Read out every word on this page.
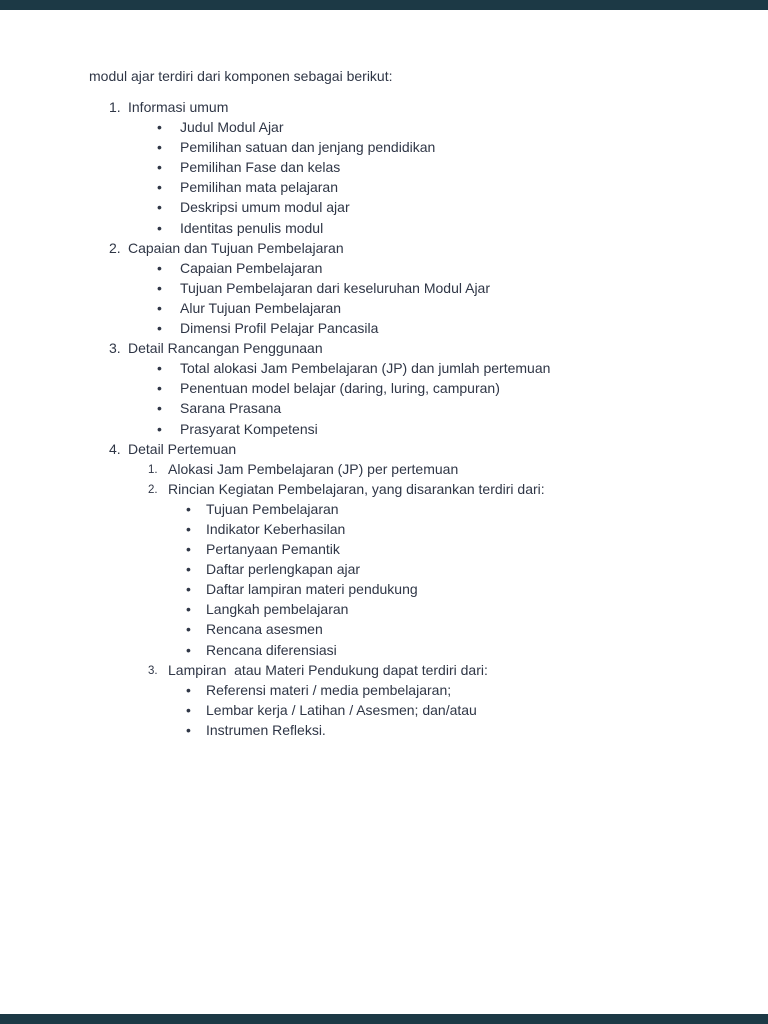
modul ajar terdiri dari komponen sebagai berikut:
1. Informasi umum
• Judul Modul Ajar
• Pemilihan satuan dan jenjang pendidikan
• Pemilihan Fase dan kelas
• Pemilihan mata pelajaran
• Deskripsi umum modul ajar
• Identitas penulis modul
2. Capaian dan Tujuan Pembelajaran
• Capaian Pembelajaran
• Tujuan Pembelajaran dari keseluruhan Modul Ajar
• Alur Tujuan Pembelajaran
• Dimensi Profil Pelajar Pancasila
3. Detail Rancangan Penggunaan
• Total alokasi Jam Pembelajaran (JP) dan jumlah pertemuan
• Penentuan model belajar (daring, luring, campuran)
• Sarana Prasana
• Prasyarat Kompetensi
4. Detail Pertemuan
1. Alokasi Jam Pembelajaran (JP) per pertemuan
2. Rincian Kegiatan Pembelajaran, yang disarankan terdiri dari:
• Tujuan Pembelajaran
• Indikator Keberhasilan
• Pertanyaan Pemantik
• Daftar perlengkapan ajar
• Daftar lampiran materi pendukung
• Langkah pembelajaran
• Rencana asesmen
• Rencana diferensiasi
3. Lampiran  atau Materi Pendukung dapat terdiri dari:
• Referensi materi / media pembelajaran;
• Lembar kerja / Latihan / Asesmen; dan/atau
• Instrumen Refleksi.
